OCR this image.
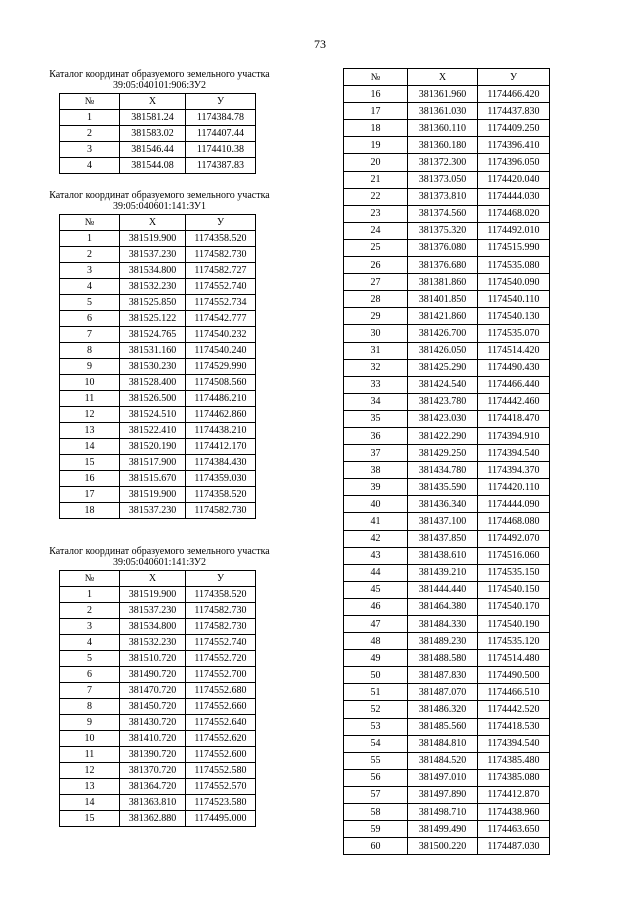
73
Каталог координат образуемого земельного участка
39:05:040101:906:ЗУ2
№	X	У
1	381581.24	1174384.78
2	381583.02	1174407.44
3	381546.44	1174410.38
4	381544.08	1174387.83
Каталог координат образуемого земельного участка
39:05:040601:141:ЗУ1
№	X	У
1	381519.900	1174358.520
2	381537.230	1174582.730
3	381534.800	1174582.727
4	381532.230	1174552.740
5	381525.850	1174552.734
6	381525.122	1174542.777
7	381524.765	1174540.232
8	381531.160	1174540.240
9	381530.230	1174529.990
10	381528.400	1174508.560
11	381526.500	1174486.210
12	381524.510	1174462.860
13	381522.410	1174438.210
14	381520.190	1174412.170
15	381517.900	1174384.430
16	381515.670	1174359.030
17	381519.900	1174358.520
18	381537.230	1174582.730
Каталог координат образуемого земельного участка
39:05:040601:141:ЗУ2
№	X	У
1	381519.900	1174358.520
2	381537.230	1174582.730
3	381534.800	1174582.730
4	381532.230	1174552.740
5	381510.720	1174552.720
6	381490.720	1174552.700
7	381470.720	1174552.680
8	381450.720	1174552.660
9	381430.720	1174552.640
10	381410.720	1174552.620
11	381390.720	1174552.600
12	381370.720	1174552.580
13	381364.720	1174552.570
14	381363.810	1174523.580
15	381362.880	1174495.000
№	X	У
16	381361.960	1174466.420
17	381361.030	1174437.830
18	381360.110	1174409.250
19	381360.180	1174396.410
20	381372.300	1174396.050
21	381373.050	1174420.040
22	381373.810	1174444.030
23	381374.560	1174468.020
24	381375.320	1174492.010
25	381376.080	1174515.990
26	381376.680	1174535.080
27	381381.860	1174540.090
28	381401.850	1174540.110
29	381421.860	1174540.130
30	381426.700	1174535.070
31	381426.050	1174514.420
32	381425.290	1174490.430
33	381424.540	1174466.440
34	381423.780	1174442.460
35	381423.030	1174418.470
36	381422.290	1174394.910
37	381429.250	1174394.540
38	381434.780	1174394.370
39	381435.590	1174420.110
40	381436.340	1174444.090
41	381437.100	1174468.080
42	381437.850	1174492.070
43	381438.610	1174516.060
44	381439.210	1174535.150
45	381444.440	1174540.150
46	381464.380	1174540.170
47	381484.330	1174540.190
48	381489.230	1174535.120
49	381488.580	1174514.480
50	381487.830	1174490.500
51	381487.070	1174466.510
52	381486.320	1174442.520
53	381485.560	1174418.530
54	381484.810	1174394.540
55	381484.520	1174385.480
56	381497.010	1174385.080
57	381497.890	1174412.870
58	381498.710	1174438.960
59	381499.490	1174463.650
60	381500.220	1174487.030
